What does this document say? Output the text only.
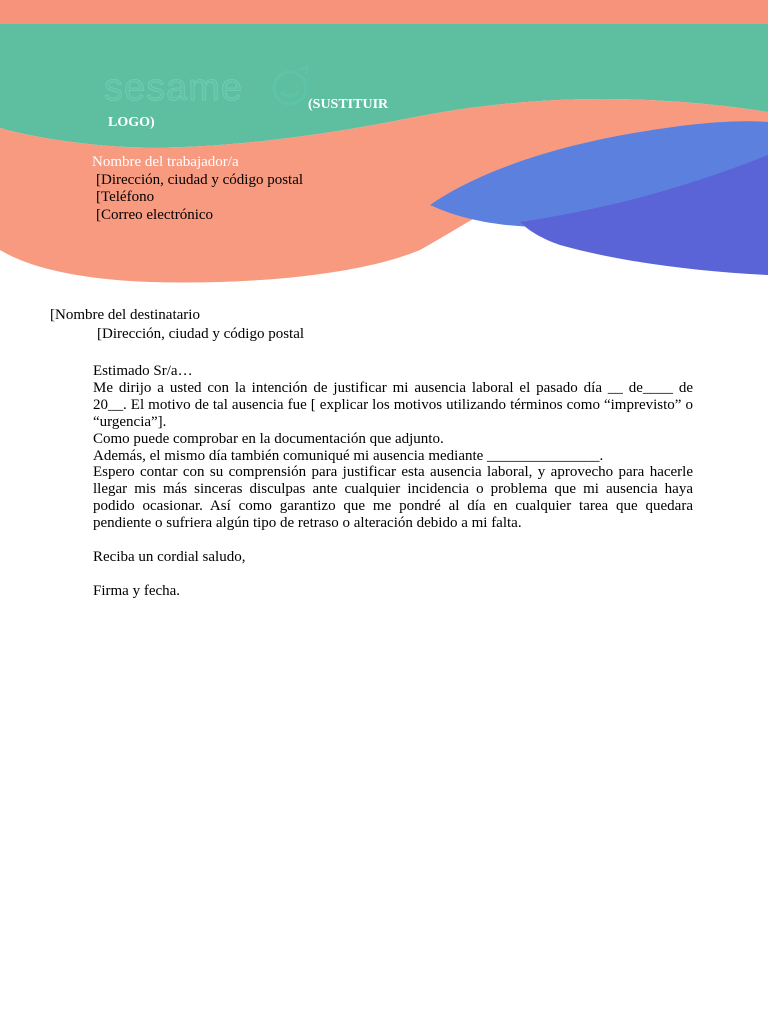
sesame	(SUSTITUIR
LOGO)
Nombre del trabajador/a
[Dirección, ciudad y código postal
[Teléfono
[Correo electrónico
[Nombre del destinatario
[Dirección, ciudad y código postal

Estimado Sr/a…

Me dirijo a usted con la intención de justificar mi ausencia laboral el pasado día __ de____ de 20__. El motivo de tal ausencia fue [ explicar los motivos utilizando términos como “imprevisto” o “urgencia”].

Como puede comprobar en la documentación que adjunto.

Además, el mismo día también comuniqué mi ausencia mediante _______________.

Espero contar con su comprensión para justificar esta ausencia laboral, y aprovecho para hacerle llegar mis más sinceras disculpas ante cualquier incidencia o problema que mi ausencia haya podido ocasionar. Así como garantizo que me pondré al día en cualquier tarea que quedara pendiente o sufriera algún tipo de retraso o alteración debido a mi falta.

Reciba un cordial saludo,

Firma y fecha.
